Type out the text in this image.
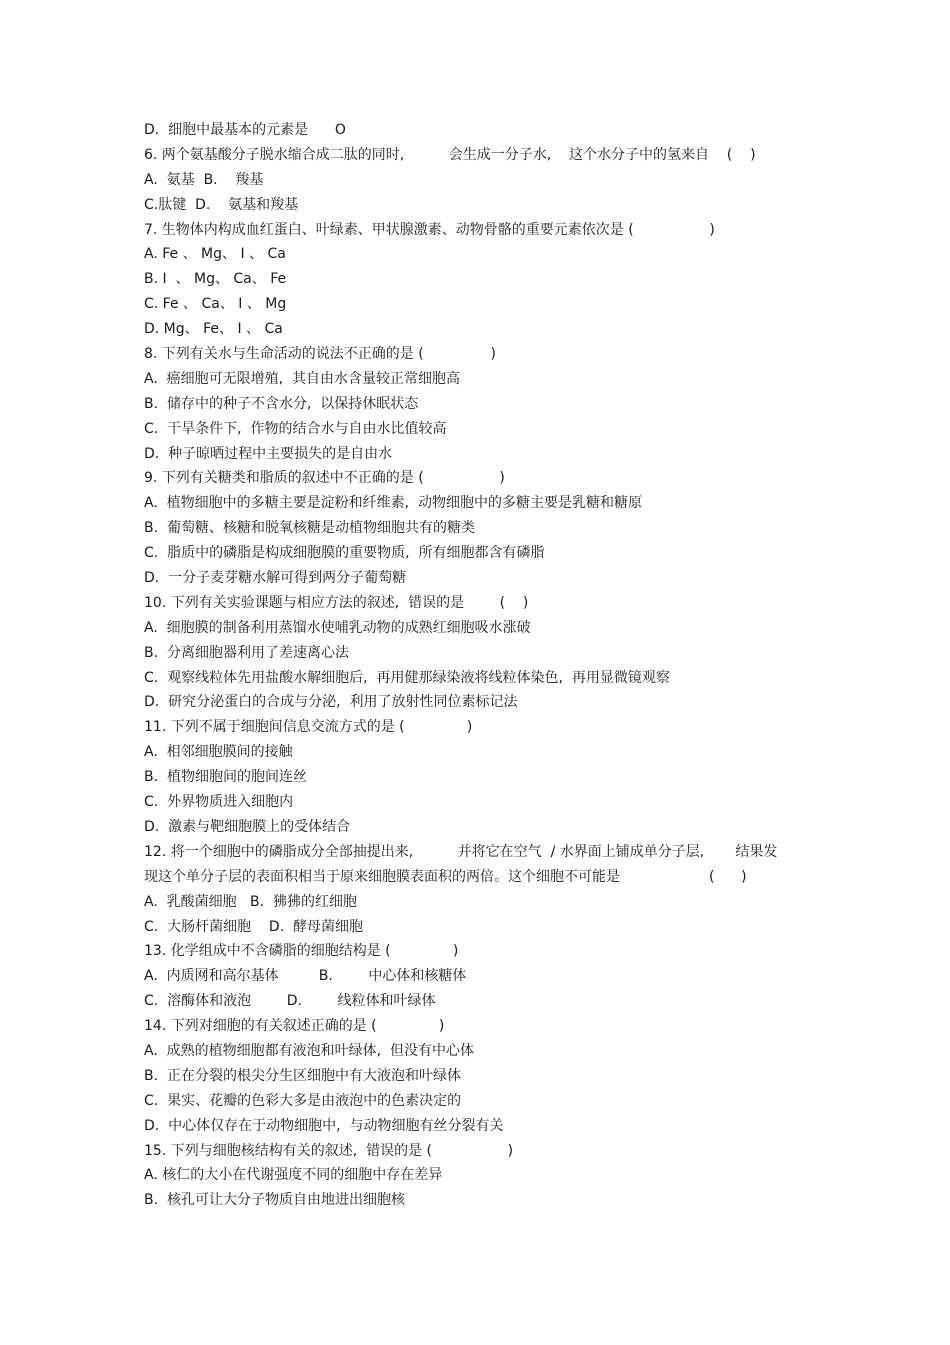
D.  细胞中最基本的元素是      O
6. 两个氨基酸分子脱水缩合成二肽的同时,          会生成一分子水,    这个水分子中的氢来自    (    )
A.  氨基  B.    羧基
C.肽键  D.    氨基和羧基
7. 生物体内构成血红蛋白、叶绿素、甲状腺激素、动物骨骼的重要元素依次是 (                 )
A. Fe 、 Mg、 I 、 Ca
B. I  、 Mg、 Ca、 Fe
C. Fe 、 Ca、 I 、 Mg
D. Mg、 Fe、 I 、 Ca
8. 下列有关水与生命活动的说法不正确的是 (               )
A.  癌细胞可无限增殖,  其自由水含量较正常细胞高
B.  储存中的种子不含水分,  以保持休眠状态
C.  干旱条件下,  作物的结合水与自由水比值较高
D.  种子晾晒过程中主要损失的是自由水
9. 下列有关糖类和脂质的叙述中不正确的是 (                 )
A.  植物细胞中的多糖主要是淀粉和纤维素,  动物细胞中的多糖主要是乳糖和糖原
B.  葡萄糖、核糖和脱氧核糖是动植物细胞共有的糖类
C.  脂质中的磷脂是构成细胞膜的重要物质,  所有细胞都含有磷脂
D.  一分子麦芽糖水解可得到两分子葡萄糖
10. 下列有关实验课题与相应方法的叙述,  错误的是        (    )
A.  细胞膜的制备利用蒸馏水使哺乳动物的成熟红细胞吸水涨破
B.  分离细胞器利用了差速离心法
C.  观察线粒体先用盐酸水解细胞后,  再用健那绿染液将线粒体染色,  再用显微镜观察
D.  研究分泌蛋白的合成与分泌,  利用了放射性同位素标记法
11. 下列不属于细胞间信息交流方式的是 (              )
A.  相邻细胞膜间的接触
B.  植物细胞间的胞间连丝
C.  外界物质进入细胞内
D.  激素与靶细胞膜上的受体结合
12. 将一个细胞中的磷脂成分全部抽提出来,          并将它在空气  / 水界面上铺成单分子层,       结果发
现这个单分子层的表面积相当于原来细胞膜表面积的两倍。这个细胞不可能是                    (      )
A.  乳酸菌细胞   B.  狒狒的红细胞
C.  大肠杆菌细胞    D.  酵母菌细胞
13. 化学组成中不含磷脂的细胞结构是 (              )
A.  内质网和高尔基体         B.        中心体和核糖体
C.  溶酶体和液泡        D.        线粒体和叶绿体
14. 下列对细胞的有关叙述正确的是 (              )
A.  成熟的植物细胞都有液泡和叶绿体,  但没有中心体
B.  正在分裂的根尖分生区细胞中有大液泡和叶绿体
C.  果实、花瓣的色彩大多是由液泡中的色素决定的
D.  中心体仅存在于动物细胞中,  与动物细胞有丝分裂有关
15. 下列与细胞核结构有关的叙述,  错误的是 (                 )
A. 核仁的大小在代谢强度不同的细胞中存在差异
B.  核孔可让大分子物质自由地进出细胞核
